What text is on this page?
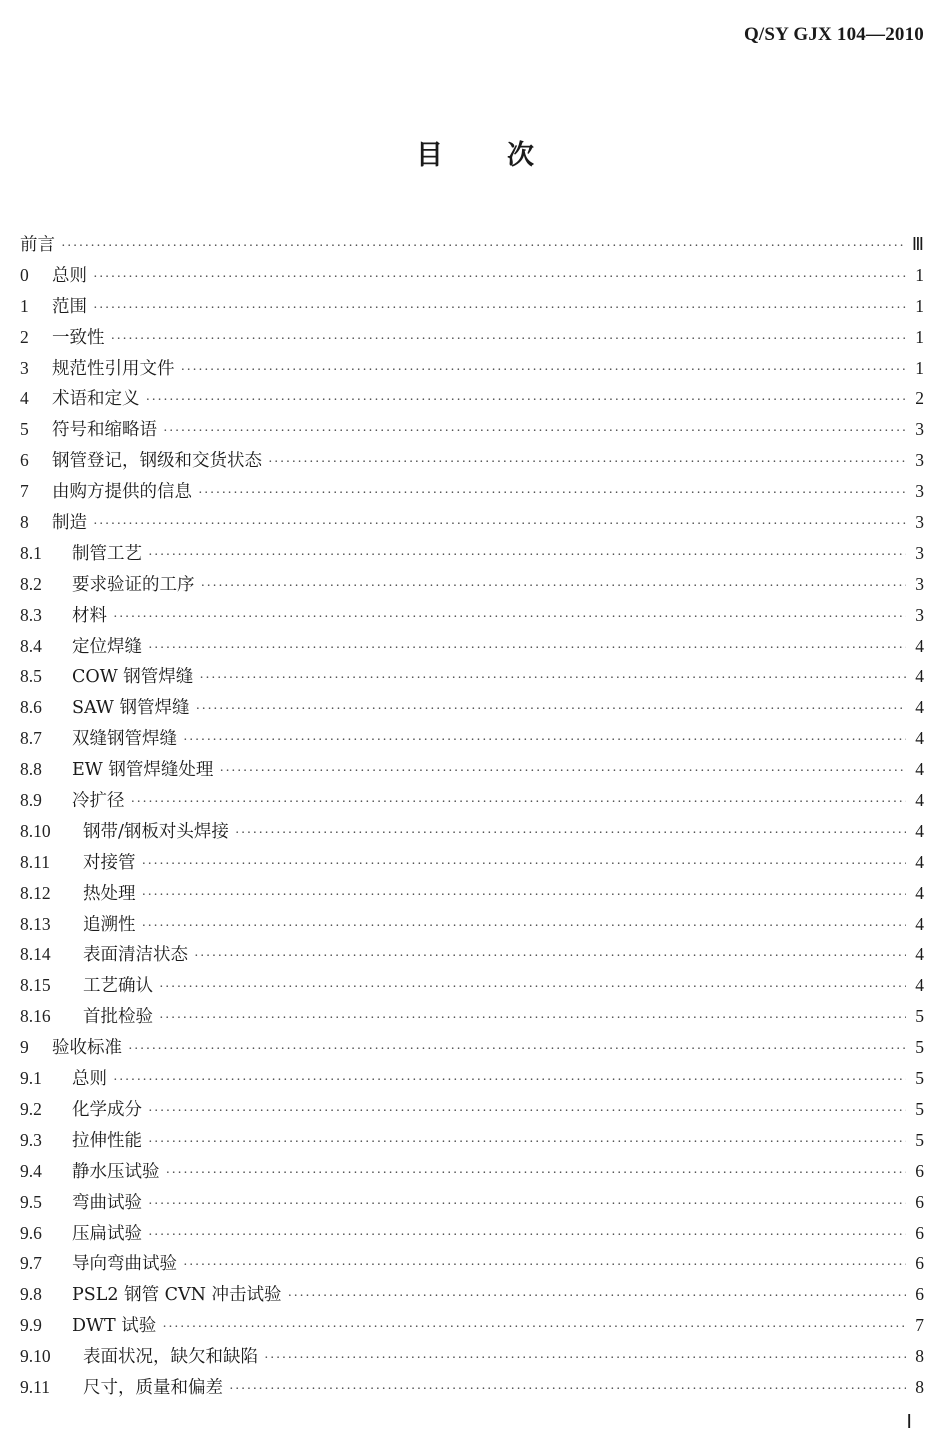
Q/SY GJX 104—2010
目 次
前言 ·····	Ⅲ
0	总则 ·····	1
1	范围 ·····	1
2	一致性 ·····	1
3	规范性引用文件 ·····	1
4	术语和定义 ·····	2
5	符号和缩略语 ·····	3
6	钢管登记，钢级和交货状态 ·····	3
7	由购方提供的信息 ·····	3
8	制造 ·····	3
8.1	制管工艺 ·····	3
8.2	要求验证的工序 ·····	3
8.3	材料 ·····	3
8.4	定位焊缝 ·····	4
8.5	COW 钢管焊缝 ·····	4
8.6	SAW 钢管焊缝 ·····	4
8.7	双缝钢管焊缝 ·····	4
8.8	EW 钢管焊缝处理 ·····	4
8.9	冷扩径 ·····	4
8.10	钢带/钢板对头焊接 ·····	4
8.11	对接管 ·····	4
8.12	热处理 ·····	4
8.13	追溯性 ·····	4
8.14	表面清洁状态 ·····	4
8.15	工艺确认 ·····	4
8.16	首批检验 ·····	5
9	验收标准 ·····	5
9.1	总则 ·····	5
9.2	化学成分 ·····	5
9.3	拉伸性能 ·····	5
9.4	静水压试验 ·····	6
9.5	弯曲试验 ·····	6
9.6	压扁试验 ·····	6
9.7	导向弯曲试验 ·····	6
9.8	PSL2 钢管 CVN 冲击试验 ·····	6
9.9	DWT 试验 ·····	7
9.10	表面状况，缺欠和缺陷 ·····	8
9.11	尺寸，质量和偏差 ·····	8
Ⅰ
